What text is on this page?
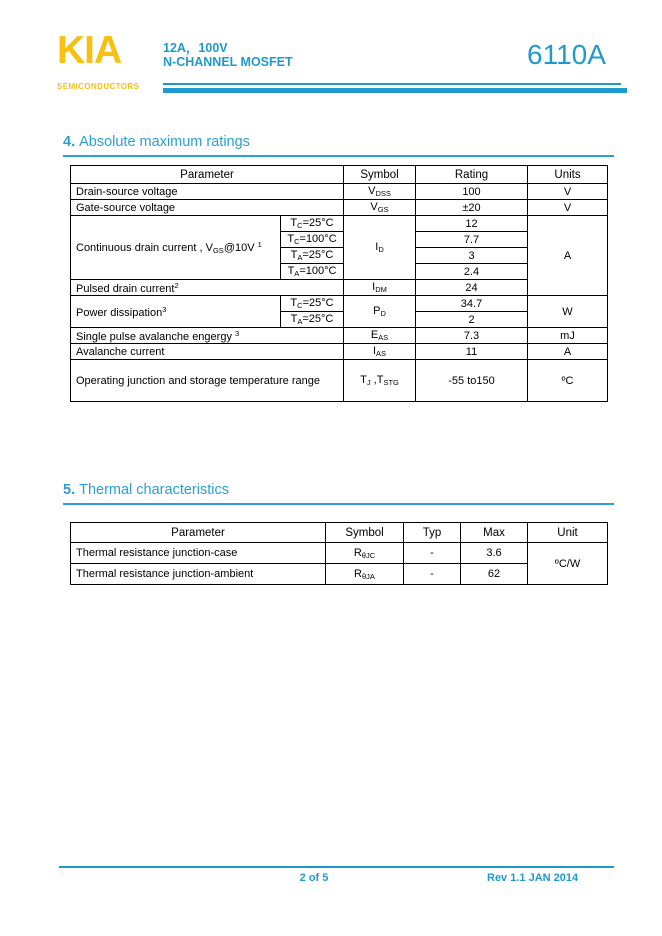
KIA
SEMICONDUCTORS
12A，100V
N-CHANNEL MOSFET	6110A
4. Absolute maximum ratings
Parameter		Symbol	Rating	Units
Drain-source voltage		$V_{DSS}$	100	V
Gate-source voltage		$V_{GS}$	±20	V
Continuous drain current , $V_{GS}@10V$ $^1$	$T_C=25^\circ C$	$I_D$	12	A
	$T_C=100^\circ C$		7.7	
	$T_A=25^\circ C$		3	
	$T_A=100^\circ C$		2.4	
Pulsed drain current$^2$		$I_{DM}$	24	
Power dissipation$^3$	$T_C=25^\circ C$	$P_D$	34.7	W
	$T_A=25^\circ C$		2	
Single pulse avalanche engergy $^3$		$E_{AS}$	7.3	mJ
Avalanche current		$I_{AS}$	11	A
Operating junction and storage temperature range		$T_J$ $,T_{STG}$	-55 to150	ºC
5. Thermal characteristics
Parameter	Symbol	Typ	Max	Unit
Thermal resistance junction-case	$R_{\theta JC}$	-	3.6	ºC/W
Thermal resistance junction-ambient	$R_{\theta JA}$	-	62	
2 of 5	Rev 1.1 JAN 2014
